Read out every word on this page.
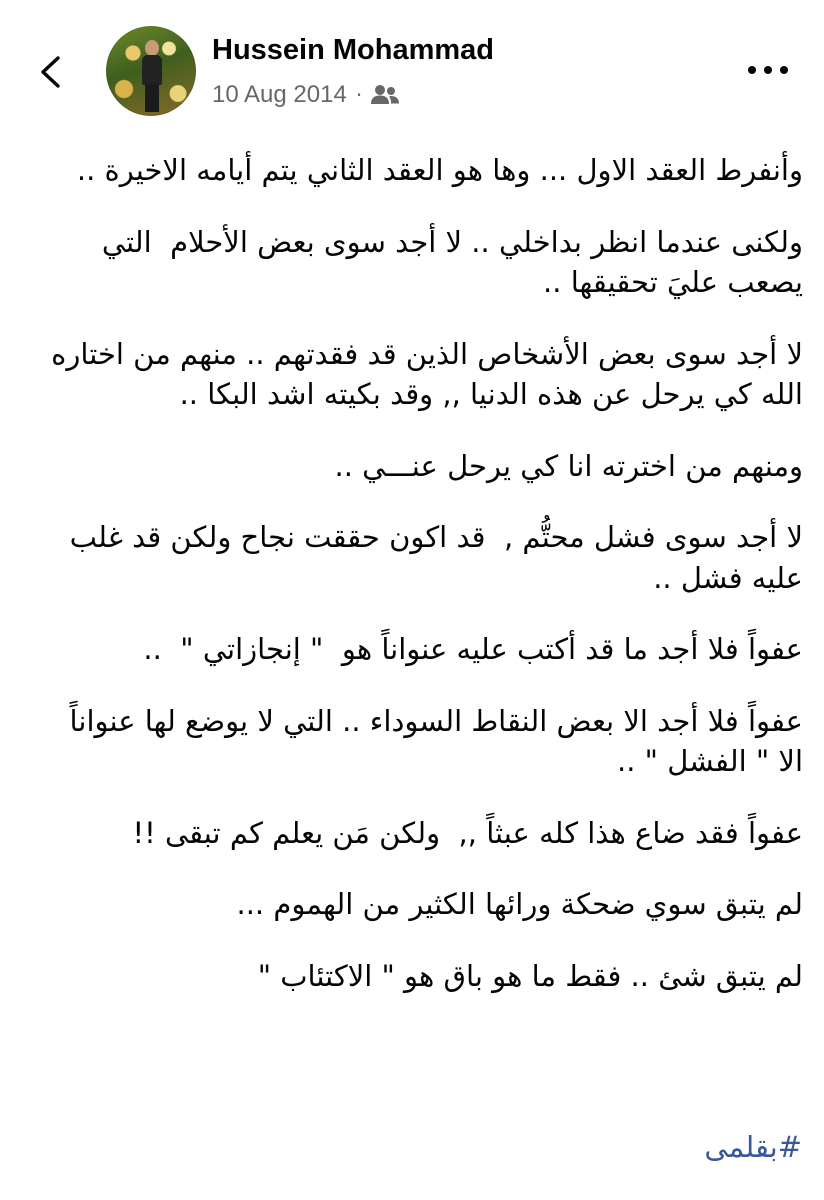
Hussein Mohammad
10 Aug 2014 ·

وأنفرط العقد الاول ... وها هو العقد الثاني يتم أيامه الاخيرة ..

ولكنى عندما انظر بداخلي .. لا أجد سوى بعض الأحلام  التي يصعب عليَ تحقيقها ..

لا أجد سوى بعض الأشخاص الذين قد فقدتهم .. منهم من اختاره الله كي يرحل عن هذه الدنيا ,, وقد بكيته اشد البكا ..

ومنهم من اخترته انا كي يرحل عنـــي ..

لا أجد سوى فشل محتُّم ,  قد اكون حققت نجاح ولكن قد غلب عليه فشل ..

عفواً فلا أجد ما قد أكتب عليه عنواناً هو  " إنجازاتي "  ..

عفواً فلا أجد الا بعض النقاط السوداء .. التي لا يوضع لها عنواناً الا " الفشل " ..

عفواً فقد ضاع هذا كله عبثاً ,,  ولكن مَن يعلم كم تبقى !!

لم يتبق سوي ضحكة ورائها الكثير من الهموم ...

لم يتبق شئ .. فقط ما هو باق هو " الاكتئاب "

#بقلمى
